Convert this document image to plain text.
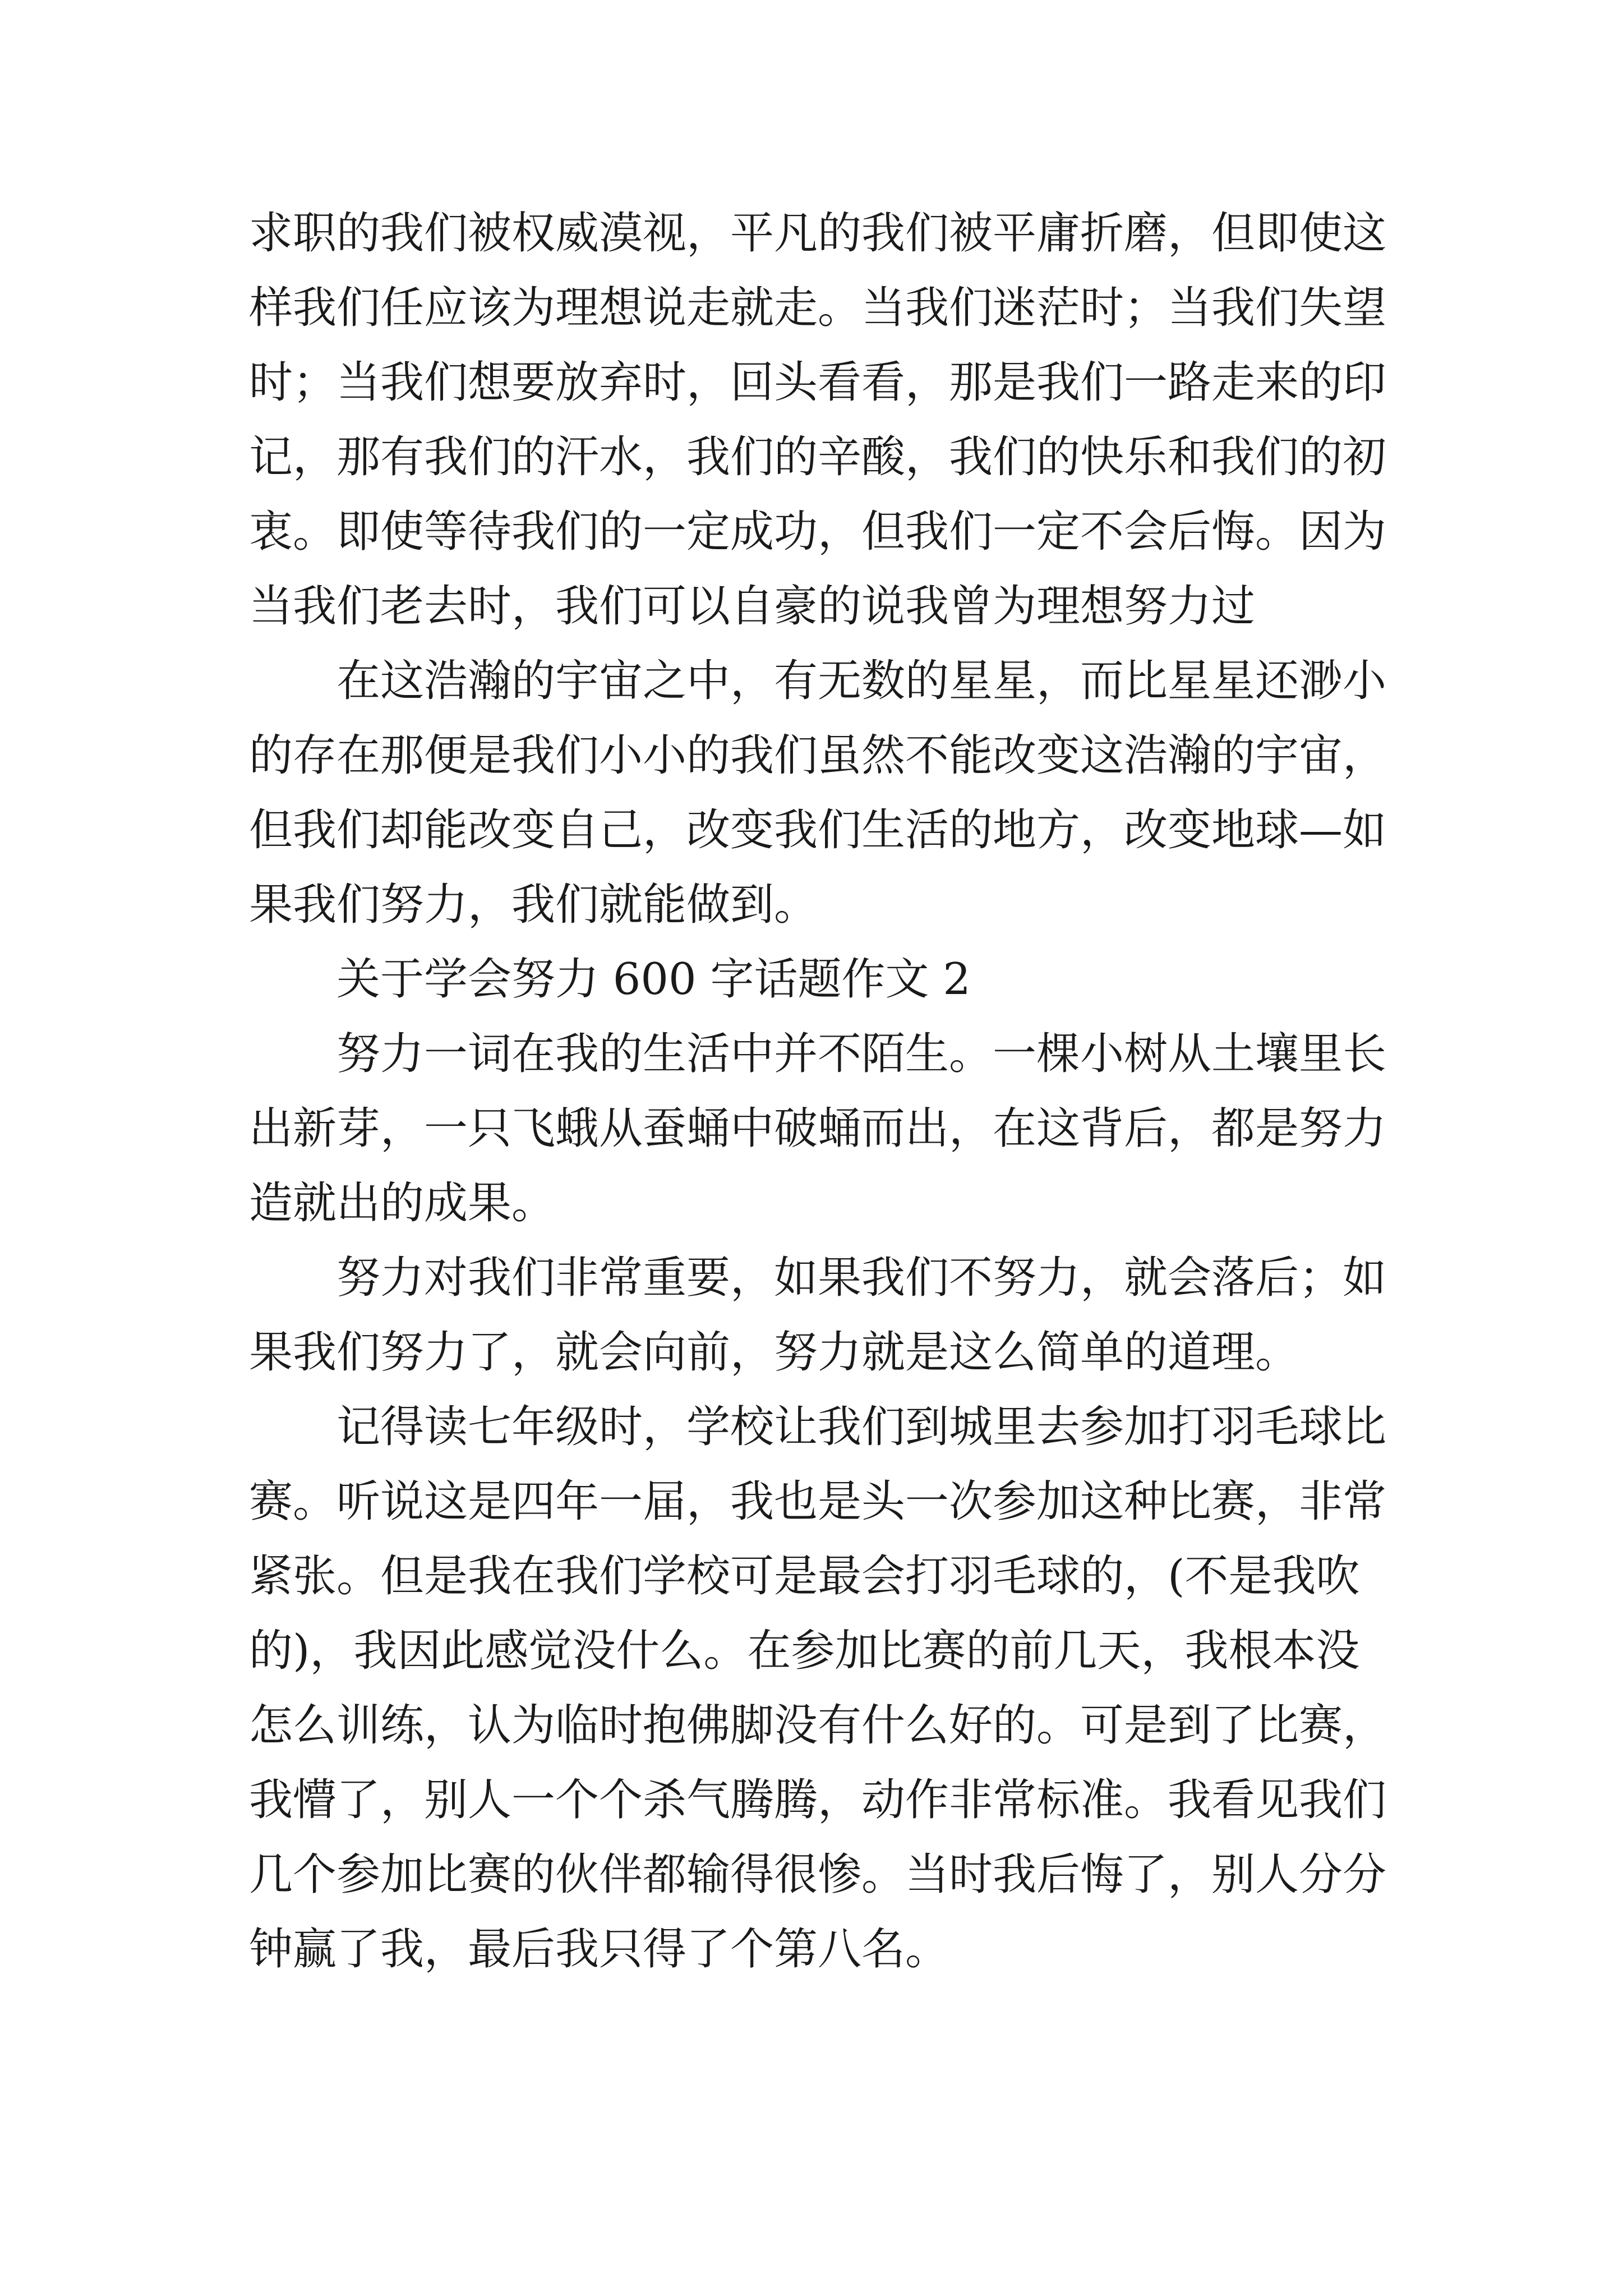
求职的我们被权威漠视，平凡的我们被平庸折磨，但即使这
样我们任应该为理想说走就走。当我们迷茫时；当我们失望
时；当我们想要放弃时，回头看看，那是我们一路走来的印
记，那有我们的汗水，我们的辛酸，我们的快乐和我们的初
衷。即使等待我们的一定成功，但我们一定不会后悔。因为
当我们老去时，我们可以自豪的说我曾为理想努力过
在这浩瀚的宇宙之中，有无数的星星，而比星星还渺小
的存在那便是我们小小的我们虽然不能改变这浩瀚的宇宙，
但我们却能改变自己，改变我们生活的地方，改变地球—如
果我们努力，我们就能做到。
关于学会努力 600 字话题作文 2
努力一词在我的生活中并不陌生。一棵小树从土壤里长
出新芽，一只飞蛾从蚕蛹中破蛹而出，在这背后，都是努力
造就出的成果。
努力对我们非常重要，如果我们不努力，就会落后；如
果我们努力了，就会向前，努力就是这么简单的道理。
记得读七年级时，学校让我们到城里去参加打羽毛球比
赛。听说这是四年一届，我也是头一次参加这种比赛，非常
紧张。但是我在我们学校可是最会打羽毛球的，(不是我吹
的)，我因此感觉没什么。在参加比赛的前几天，我根本没
怎么训练，认为临时抱佛脚没有什么好的。可是到了比赛，
我懵了，别人一个个杀气腾腾，动作非常标准。我看见我们
几个参加比赛的伙伴都输得很惨。当时我后悔了，别人分分
钟赢了我，最后我只得了个第八名。
